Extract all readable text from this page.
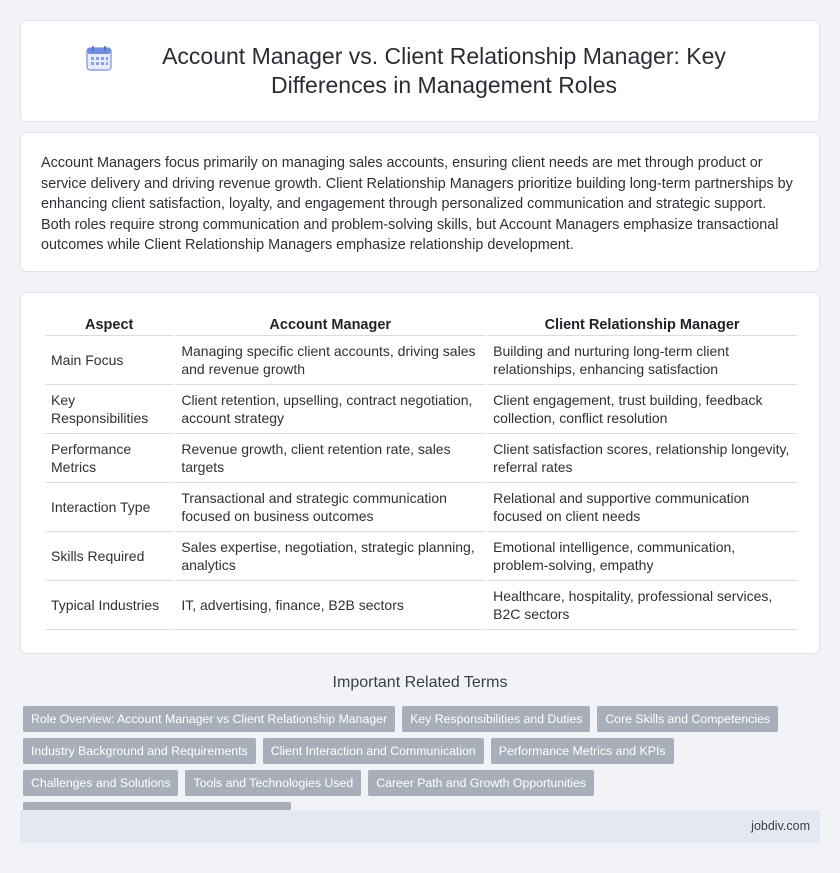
Account Manager vs. Client Relationship Manager: Key Differences in Management Roles

Account Managers focus primarily on managing sales accounts, ensuring client needs are met through product or service delivery and driving revenue growth. Client Relationship Managers prioritize building long-term partnerships by enhancing client satisfaction, loyalty, and engagement through personalized communication and strategic support. Both roles require strong communication and problem-solving skills, but Account Managers emphasize transactional outcomes while Client Relationship Managers emphasize relationship development.

Aspect	Account Manager	Client Relationship Manager
Main Focus	Managing specific client accounts, driving sales and revenue growth	Building and nurturing long-term client relationships, enhancing satisfaction
Key Responsibilities	Client retention, upselling, contract negotiation, account strategy	Client engagement, trust building, feedback collection, conflict resolution
Performance Metrics	Revenue growth, client retention rate, sales targets	Client satisfaction scores, relationship longevity, referral rates
Interaction Type	Transactional and strategic communication focused on business outcomes	Relational and supportive communication focused on client needs
Skills Required	Sales expertise, negotiation, strategic planning, analytics	Emotional intelligence, communication, problem-solving, empathy
Typical Industries	IT, advertising, finance, B2B sectors	Healthcare, hospitality, professional services, B2C sectors
Important Related Terms
Role Overview: Account Manager vs Client Relationship Manager	Key Responsibilities and Duties	Core Skills and Competencies
Industry Background and Requirements	Client Interaction and Communication	Performance Metrics and KPIs
Challenges and Solutions	Tools and Technologies Used	Career Path and Growth Opportunities
jobdiv.com
